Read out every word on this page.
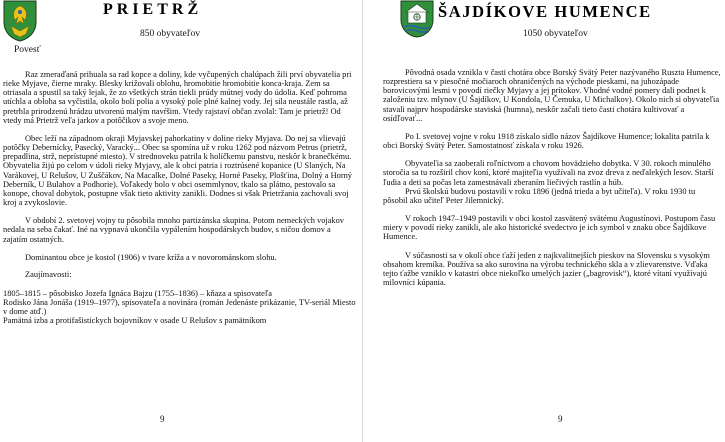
PRIETRŽ
850 obyvateľov
Povesť

Raz zmeraďaná prihuala sa rad kopce a doliny, kde vyčupených chalúpach žili prví obyvatelia pri rieke Myjave, čierne mraky. Blesky križovali oblohu, hromobitie hromobitie konca-kraja. Zem sa otriasala a spustil sa taký lejak, že zo všetkých strán tiekli prúdy mútnej vody do údolia. Keď pohromа utíchla a obloha sa vyčistila, okolo boli polia a vysoký pole plné kalnej vody. Jej sila neustále rastla, až pretrhla prirodzenú hrádzu utvorenú malým navŕšim. Vtedy rajstaví občan zvolal: Tam je prietrž! Od vtedy má Prietrž veľa jarkov a potôčikov a svoje meno.

Obec leží na západnom okraji Myjavskej pahorkatiny v doline rieky Myjava. Do nej sa vlievajú potôčky Debernícky, Pasecký, Varacký... Obec sa spomína už v roku 1262 pod názvom Petrus (prietrž, prepadlina, strž, neprístupné miesto). V strednoveku patrila k holíčkemu panstvu, neskôr k branečkému. Obyvatelia žijú po celom v údoli rieky Myjavy, ale k obci patria i roztrúsené kopanice (U Slaných, Na Varákovej, U Relušov, U Zuščákov, Na Macalke, Dolné Pasekу, Horné Pasekу, Plošťina, Dolný a Horný Deberník, U Bulahov a Podhorie). Voľakedy bolo v obci osemmlynov, tkalo sa plátno, pestovalo sa konope, choval dobytok, postupne však tieto aktivity zanikli. Dodnes si však Prietržania zachovali svoj kroj a zvykoslovie.

V období 2. svetovej vojny tu pôsobila mnoho partizánska skupina. Potom nemeckých vojakov nedala na seba čakať. Iné na vypnavá ukončila vypálením hospodárskych budov, s ničou domov a zajatím ostatných.

Dominantou obce je kostol (1906) v tvare kríža a v novorománskom slohu.

Zaujímavosti:

1805–1815 – pôsobisko Jozefa Ignáca Bajzu (1755–1836) – kňaza a spisovateľa

Rodisko Jána Jonáša (1919–1977), spisovateľa a novinára (román Jedenáste prikázanie, TV-seriál Miesto v dome atď.)

Pamätná izba a protifašistickych bojovníkov v osade U Relušov s pamätníkom

9
ŠAJDÍKOVE HUMENCE
1050 obyvateľov

Pôvodná osada vznikla v časti chotára obce Borský Svätý Peter nazývaného Ruszta Humence, rozprestiera sa v piesočné močiaroch ohraničených na východe pieskami, na juhozápade borovicovými lesmi v povodí riečky Myjavy a jej prítokov. Vhodné vodné pomery dali podnet k založeniu tzv. mlynov (U Šajdíkov, U Kondola, U Čemuka, U Michalkov). Okolo nich si obyvateľia stavali najprv hospodárske staviská (humna), neskôr začali tieto časti chotára kultivovať a osídľovať...

Po I. svetovej vojne v roku 1918 získalo sídlo názov Šajdíkove Humence; lokalita patrila k obci Borský Svätý Peter. Samostatnosť získala v roku 1926.

Obyvateľia sa zaoberali roľníctvom a chovom hovädzieho dobytka. V 30. rokoch minulého storočia sa tu rozširil chov koní, ktoré majiteľia využívali na zvoz dreva z neďalekých lesov. Starší ľudia a deti sa počas leta zamestnávali zberaním liečivých rastlín a húb.

Prvú školskú budovu postavili v roku 1896 (jedná trieda a byt učiteľa). V roku 1930 tu pôsobil ako učiteľ Peter Jilemnický.

V rokoch 1947–1949 postavili v obci kostol zasvätený svätému Augustínovi. Postupom času miery v povodí rieky zanikli, ale ako historické svedectvo je ich symbol v znaku obce Šajdíkove Humence.

V súčasnosti sa v okolí obce ťaží jeden z najkvalitnejších pieskov na Slovensku s vysokým obsahom kremíka. Používa sa ako surovina na výrobu technického skla a v zlievarenstve. Vďaka tejto ťažbe vzniklo v katastri obce niekoľko umelých jazier („bagrovisk“), ktoré vítaní využívajú milovníci kúpania.

9
